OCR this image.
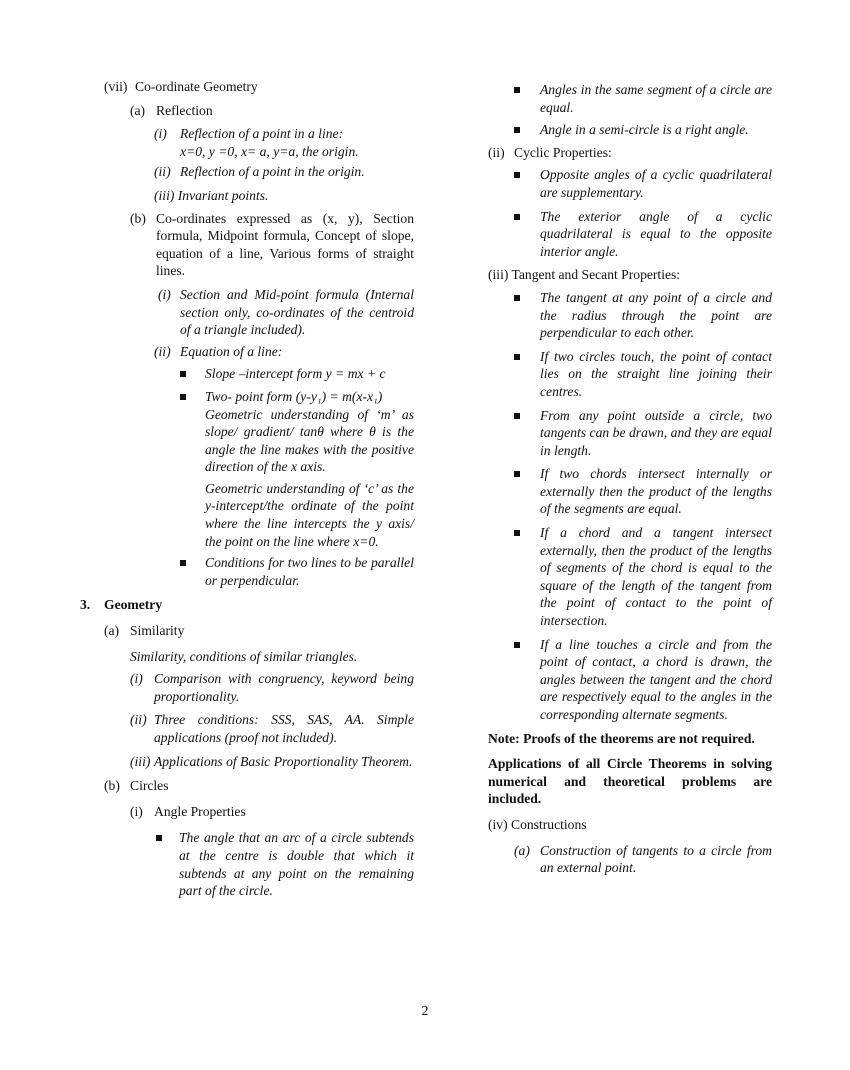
(vii) Co-ordinate Geometry
(a) Reflection
(i) Reflection of a point in a line:
x=0, y =0, x= a, y=a, the origin.
(ii) Reflection of a point in the origin.
(iii) Invariant points.
(b) Co-ordinates expressed as (x, y), Section formula, Midpoint formula, Concept of slope, equation of a line, Various forms of straight lines.
(i) Section and Mid-point formula (Internal section only, co-ordinates of the centroid of a triangle included).
(ii) Equation of a line:
Slope –intercept form y = mx + c
Two- point form (y-y₁) = m(x-x₁)
Geometric understanding of ‘m’ as slope/ gradient/ tanθ where θ is the angle the line makes with the positive direction of the x axis.
Geometric understanding of ‘c’ as the y-intercept/the ordinate of the point where the line intercepts the y axis/ the point on the line where x=0.
Conditions for two lines to be parallel or perpendicular.
3.	Geometry
(a) Similarity
Similarity, conditions of similar triangles.
(i) Comparison with congruency, keyword being proportionality.
(ii) Three conditions: SSS, SAS, AA. Simple applications (proof not included).
(iii) Applications of Basic Proportionality Theorem.
(b) Circles
(i) Angle Properties
The angle that an arc of a circle subtends at the centre is double that which it subtends at any point on the remaining part of the circle.
Angles in the same segment of a circle are equal.
Angle in a semi-circle is a right angle.
(ii) Cyclic Properties:
Opposite angles of a cyclic quadrilateral are supplementary.
The exterior angle of a cyclic quadrilateral is equal to the opposite interior angle.
(iii) Tangent and Secant Properties:
The tangent at any point of a circle and the radius through the point are perpendicular to each other.
If two circles touch, the point of contact lies on the straight line joining their centres.
From any point outside a circle, two tangents can be drawn, and they are equal in length.
If two chords intersect internally or externally then the product of the lengths of the segments are equal.
If a chord and a tangent intersect externally, then the product of the lengths of segments of the chord is equal to the square of the length of the tangent from the point of contact to the point of intersection.
If a line touches a circle and from the point of contact, a chord is drawn, the angles between the tangent and the chord are respectively equal to the angles in the corresponding alternate segments.
Note: Proofs of the theorems are not required.
Applications of all Circle Theorems in solving numerical and theoretical problems are included.
(iv) Constructions
(a) Construction of tangents to a circle from an external point.
2
